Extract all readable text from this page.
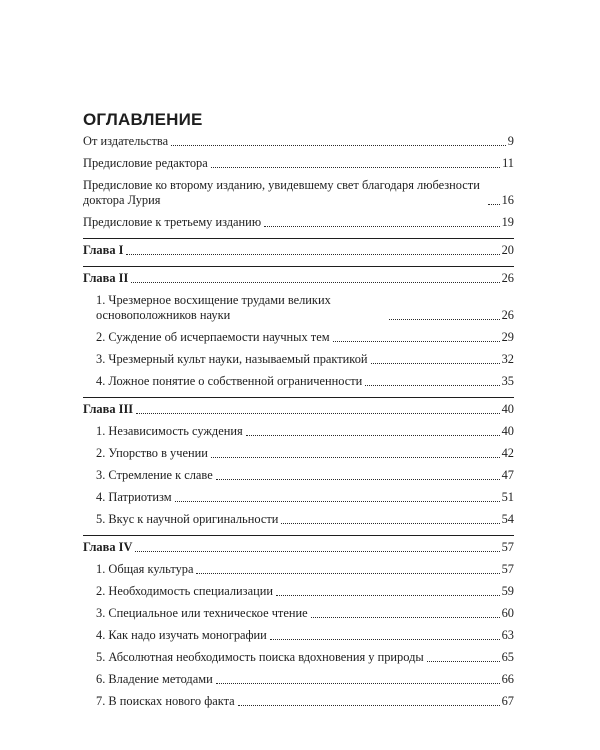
ОГЛАВЛЕНИЕ
От издательства	9
Предисловие редактора	11
Предисловие ко второму изданию, увидевшему свет благодаря любезности доктора Лурия	16
Предисловие к третьему изданию	19
Глава I	20
Глава II	26
1. Чрезмерное восхищение трудами великих основоположников науки	26
2. Суждение об исчерпаемости научных тем	29
3. Чрезмерный культ науки, называемый практикой	32
4. Ложное понятие о собственной ограниченности	35
Глава III	40
1. Независимость суждения	40
2. Упорство в учении	42
3. Стремление к славе	47
4. Патриотизм	51
5. Вкус к научной оригинальности	54
Глава IV	57
1. Общая культура	57
2. Необходимость специализации	59
3. Специальное или техническое чтение	60
4. Как надо изучать монографии	63
5. Абсолютная необходимость поиска вдохновения у природы	65
6. Владение методами	66
7. В поисках нового факта	67
